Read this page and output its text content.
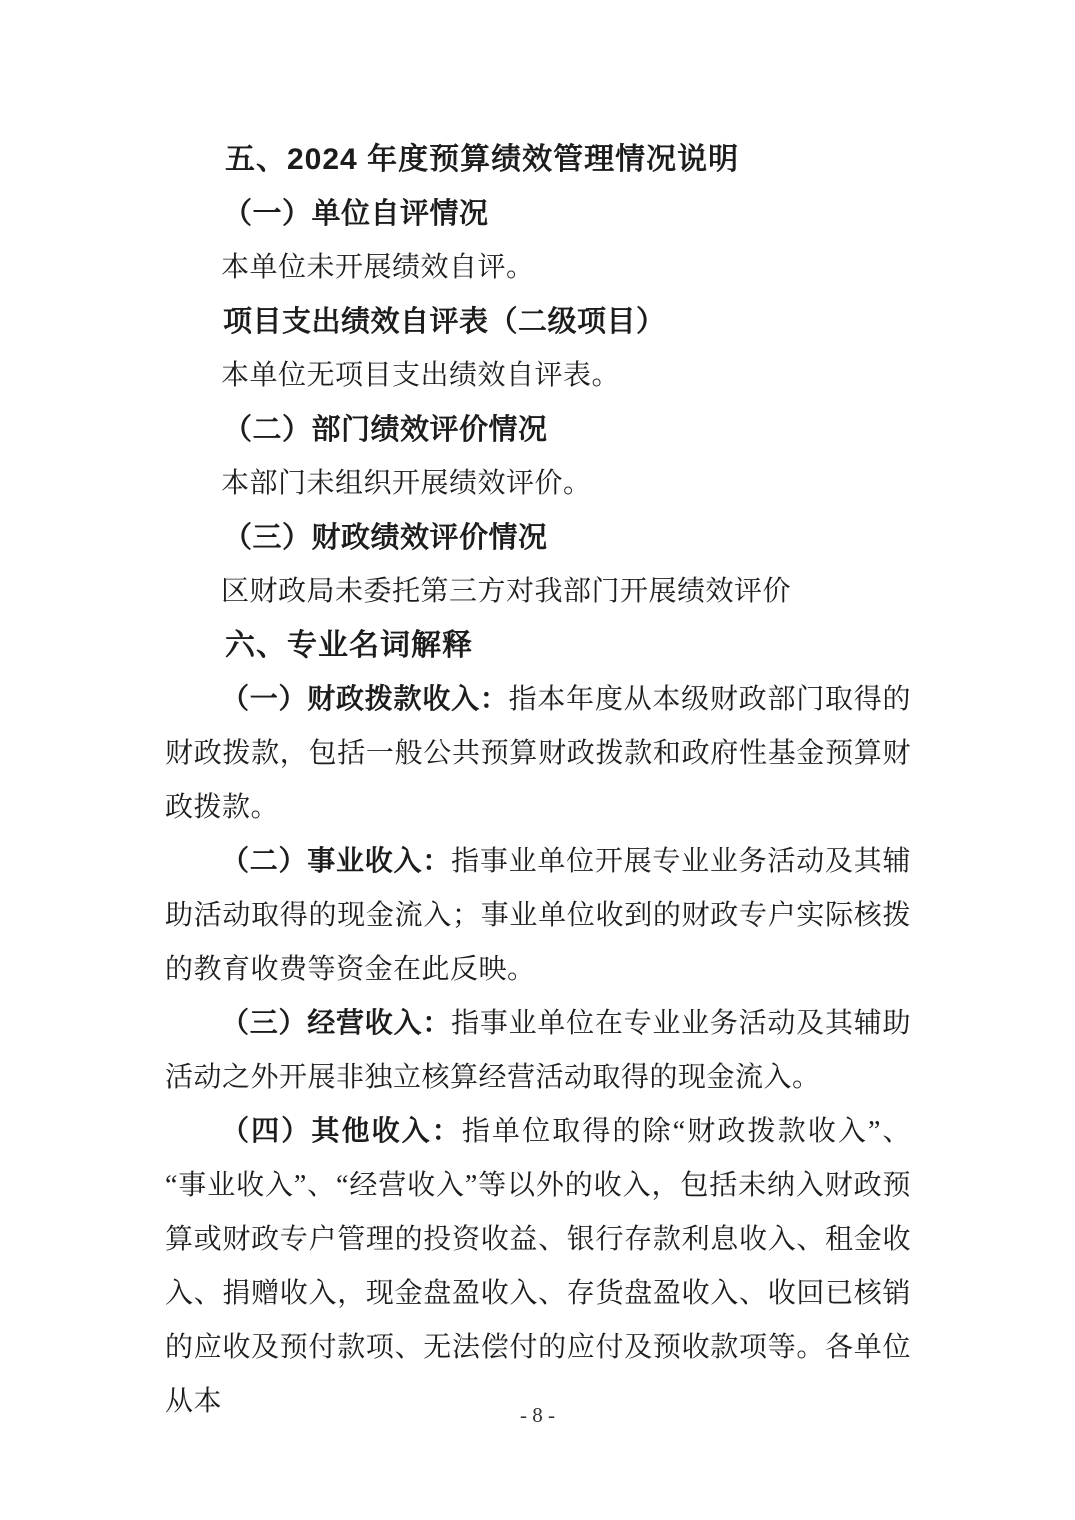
五、2024 年度预算绩效管理情况说明

（一）单位自评情况

本单位未开展绩效自评。

项目支出绩效自评表（二级项目）

本单位无项目支出绩效自评表。

（二）部门绩效评价情况

本部门未组织开展绩效评价。

（三）财政绩效评价情况

区财政局未委托第三方对我部门开展绩效评价

六、专业名词解释

（一）财政拨款收入：指本年度从本级财政部门取得的财政拨款，包括一般公共预算财政拨款和政府性基金预算财政拨款。

（二）事业收入：指事业单位开展专业业务活动及其辅助活动取得的现金流入；事业单位收到的财政专户实际核拨的教育收费等资金在此反映。

（三）经营收入：指事业单位在专业业务活动及其辅助活动之外开展非独立核算经营活动取得的现金流入。

（四）其他收入：指单位取得的除“财政拨款收入”、“事业收入”、“经营收入”等以外的收入，包括未纳入财政预算或财政专户管理的投资收益、银行存款利息收入、租金收入、捐赠收入，现金盘盈收入、存货盘盈收入、收回已核销的应收及预付款项、无法偿付的应付及预收款项等。各单位从本	- 8 -
